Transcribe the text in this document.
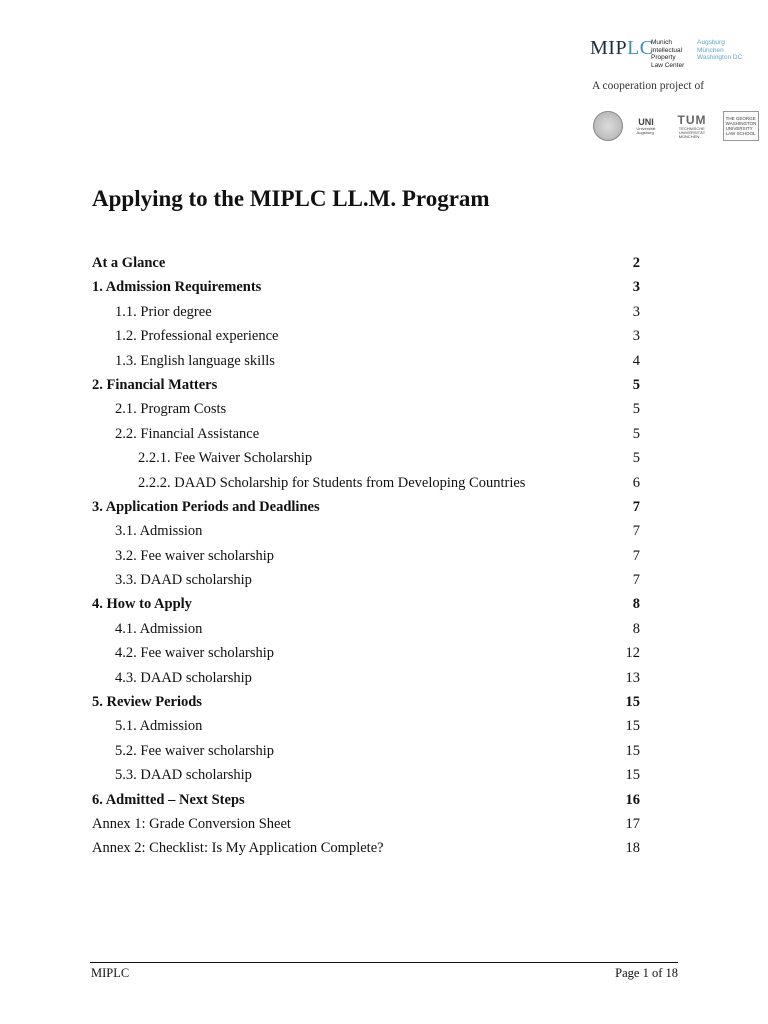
MIPLC
Munich
Intellectual
Property
Law Center
Augsburg
München
Washington DC
A cooperation project of
UNI
Universität
Augsburg
TUM
TECHNISCHE
UNIVERSITÄT
MÜNCHEN
THE GEORGE
WASHINGTON
UNIVERSITY
LAW SCHOOL
Applying to the MIPLC LL.M. Program
At a Glance	2
1. Admission Requirements	3
1.1. Prior degree	3
1.2. Professional experience	3
1.3. English language skills	4
2. Financial Matters	5
2.1. Program Costs	5
2.2. Financial Assistance	5
2.2.1. Fee Waiver Scholarship	5
2.2.2. DAAD Scholarship for Students from Developing Countries	6
3. Application Periods and Deadlines	7
3.1. Admission	7
3.2. Fee waiver scholarship	7
3.3. DAAD scholarship	7
4. How to Apply	8
4.1. Admission	8
4.2. Fee waiver scholarship	12
4.3. DAAD scholarship	13
5. Review Periods	15
5.1. Admission	15
5.2. Fee waiver scholarship	15
5.3. DAAD scholarship	15
6. Admitted – Next Steps	16
Annex 1: Grade Conversion Sheet	17
Annex 2: Checklist: Is My Application Complete?	18
MIPLC	Page 1 of 18
